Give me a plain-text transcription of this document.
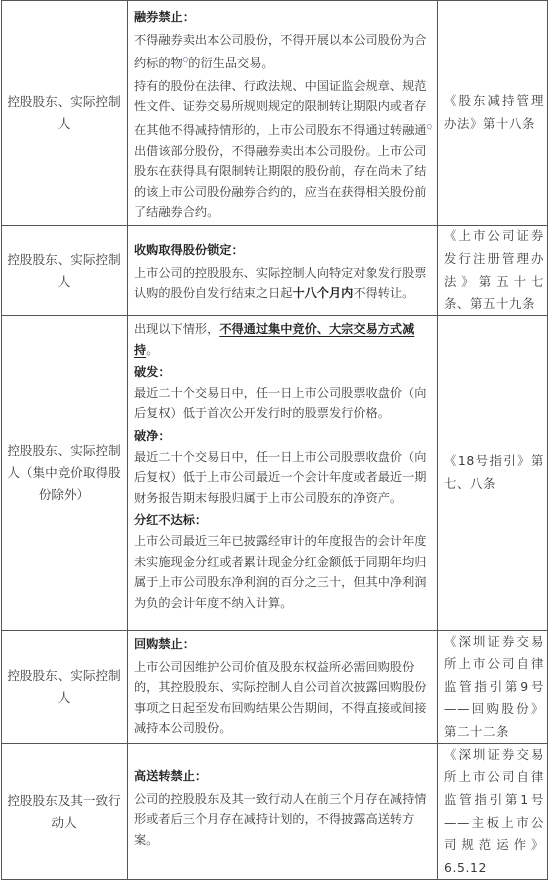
控股股东、实际控制人

融券禁止：

不得融券卖出本公司股份，不得开展以本公司股份为合约标的物$^Q$的衍生品交易。

持有的股份在法律、行政法规、中国证监会规章、规范性文件、证券交易所规则规定的限制转让期限内或者存在其他不得减持情形的，上市公司股东不得通过转融通$^Q$出借该部分股份，不得融券卖出本公司股份。上市公司股东在获得具有限制转让期限的股份前，存在尚未了结的该上市公司股份融券合约的，应当在获得相关股份前了结融券合约。

《股东减持管理办法》第十八条
控股股东、实际控制人

收购取得股份锁定：

上市公司的控股股东、实际控制人向特定对象发行股票认购的股份自发行结束之日起十八个月内不得转让。

《上市公司证券发行注册管理办法》第五十七条、第五十九条
控股股东、实际控制人（集中竞价取得股份除外）

出现以下情形，不得通过集中竞价、大宗交易方式减持。

破发：

最近二十个交易日中，任一日上市公司股票收盘价（向后复权）低于首次公开发行时的股票发行价格。

破净：

最近二十个交易日中，任一日上市公司股票收盘价（向后复权）低于上市公司最近一个会计年度或者最近一期财务报告期末每股归属于上市公司股东的净资产。

分红不达标：

上市公司最近三年已披露经审计的年度报告的会计年度未实施现金分红或者累计现金分红金额低于同期年均归属于上市公司股东净利润的百分之三十，但其中净利润为负的会计年度不纳入计算。

《18号指引》第七、八条
控股股东、实际控制人

回购禁止：

上市公司因维护公司价值及股东权益所必需回购股份的，其控股股东、实际控制人自公司首次披露回购股份事项之日起至发布回购结果公告期间，不得直接或间接减持本公司股份。

《深圳证券交易所上市公司自律监管指引第9号——回购股份》第二十二条
控股股东及其一致行动人

高送转禁止：

公司的控股股东及其一致行动人在前三个月存在减持情形或者后三个月存在减持计划的，不得披露高送转方案。

《深圳证券交易所上市公司自律监管指引第1号——主板上市公司规范运作》6.5.12
